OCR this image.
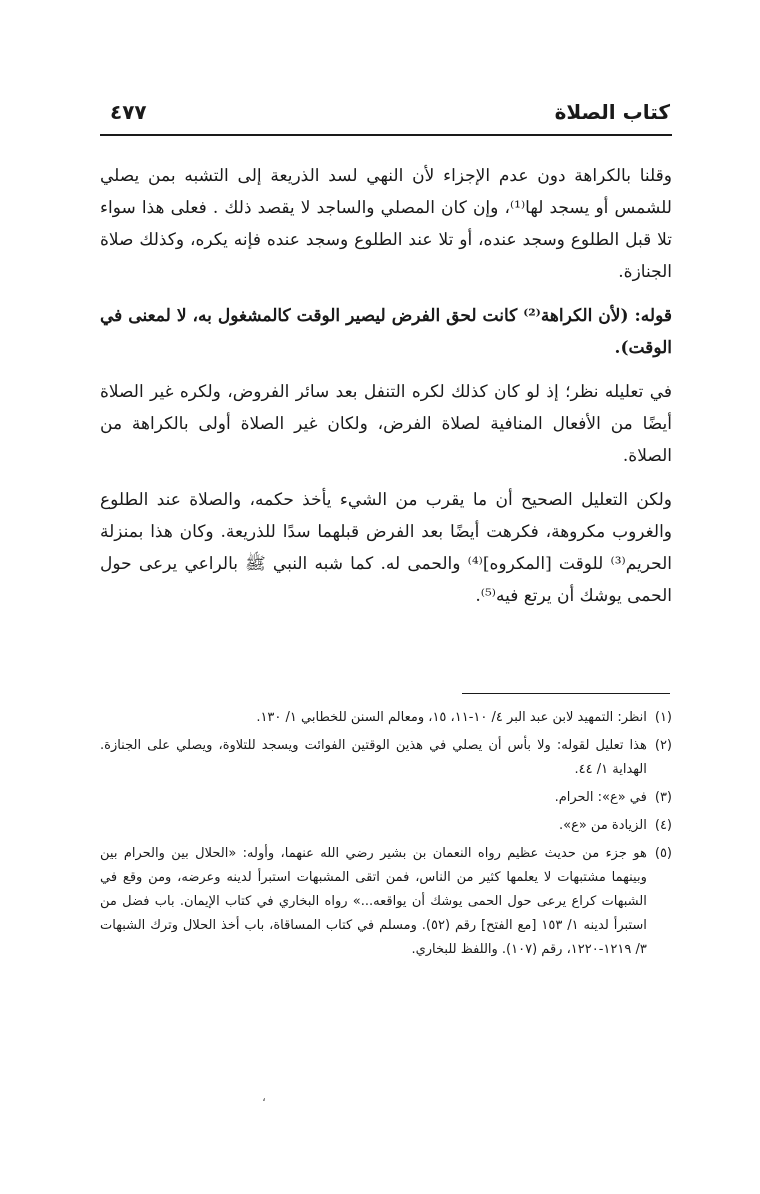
كتاب الصلاة
٤٧٧

وقلنا بالكراهة دون عدم الإجزاء لأن النهي لسد الذريعة إلى التشبه بمن يصلي للشمس أو يسجد لها⁽¹⁾، وإن كان المصلي والساجد لا يقصد ذلك . فعلى هذا سواء تلا قبل الطلوع وسجد عنده، أو تلا عند الطلوع وسجد عنده فإنه يكره، وكذلك صلاة الجنازة.

قوله: (لأن الكراهة⁽²⁾ كانت لحق الفرض ليصير الوقت كالمشغول به، لا لمعنى في الوقت).

في تعليله نظر؛ إذ لو كان كذلك لكره التنفل بعد سائر الفروض، ولكره غير الصلاة أيضًا من الأفعال المنافية لصلاة الفرض، ولكان غير الصلاة أولى بالكراهة من الصلاة.

ولكن التعليل الصحيح أن ما يقرب من الشيء يأخذ حكمه، والصلاة عند الطلوع والغروب مكروهة، فكرهت أيضًا بعد الفرض قبلهما سدًا للذريعة. وكان هذا بمنزلة الحريم⁽³⁾ للوقت [المكروه]⁽⁴⁾ والحمى له. كما شبه النبي ﷺ بالراعي يرعى حول الحمى يوشك أن يرتع فيه⁽⁵⁾.

(١)
انظر: التمهيد لابن عبد البر ٤/ ١٠-١١، ١٥، ومعالم السنن للخطابي ١/ ١٣٠.
(٢)
هذا تعليل لقوله: ولا بأس أن يصلي في هذين الوقتين الفوائت ويسجد للتلاوة، ويصلي على الجنازة. الهداية ١/ ٤٤.
(٣)
في «ع»: الحرام.
(٤)
الزيادة من «ع».
(٥)
هو جزء من حديث عظيم رواه النعمان بن بشير رضي الله عنهما، وأوله: «الحلال بين والحرام بين وبينهما مشتبهات لا يعلمها كثير من الناس، فمن اتقى المشبهات استبرأ لدينه وعرضه، ومن وقع في الشبهات كراع يرعى حول الحمى يوشك أن يواقعه...» رواه البخاري في كتاب الإيمان. باب فضل من استبرأ لدينه ١/ ١٥٣ [مع الفتح] رقم (٥٢). ومسلم في كتاب المساقاة، باب أخذ الحلال وترك الشبهات ٣/ ١٢١٩-١٢٢٠، رقم (١٠٧). واللفظ للبخاري.
،
